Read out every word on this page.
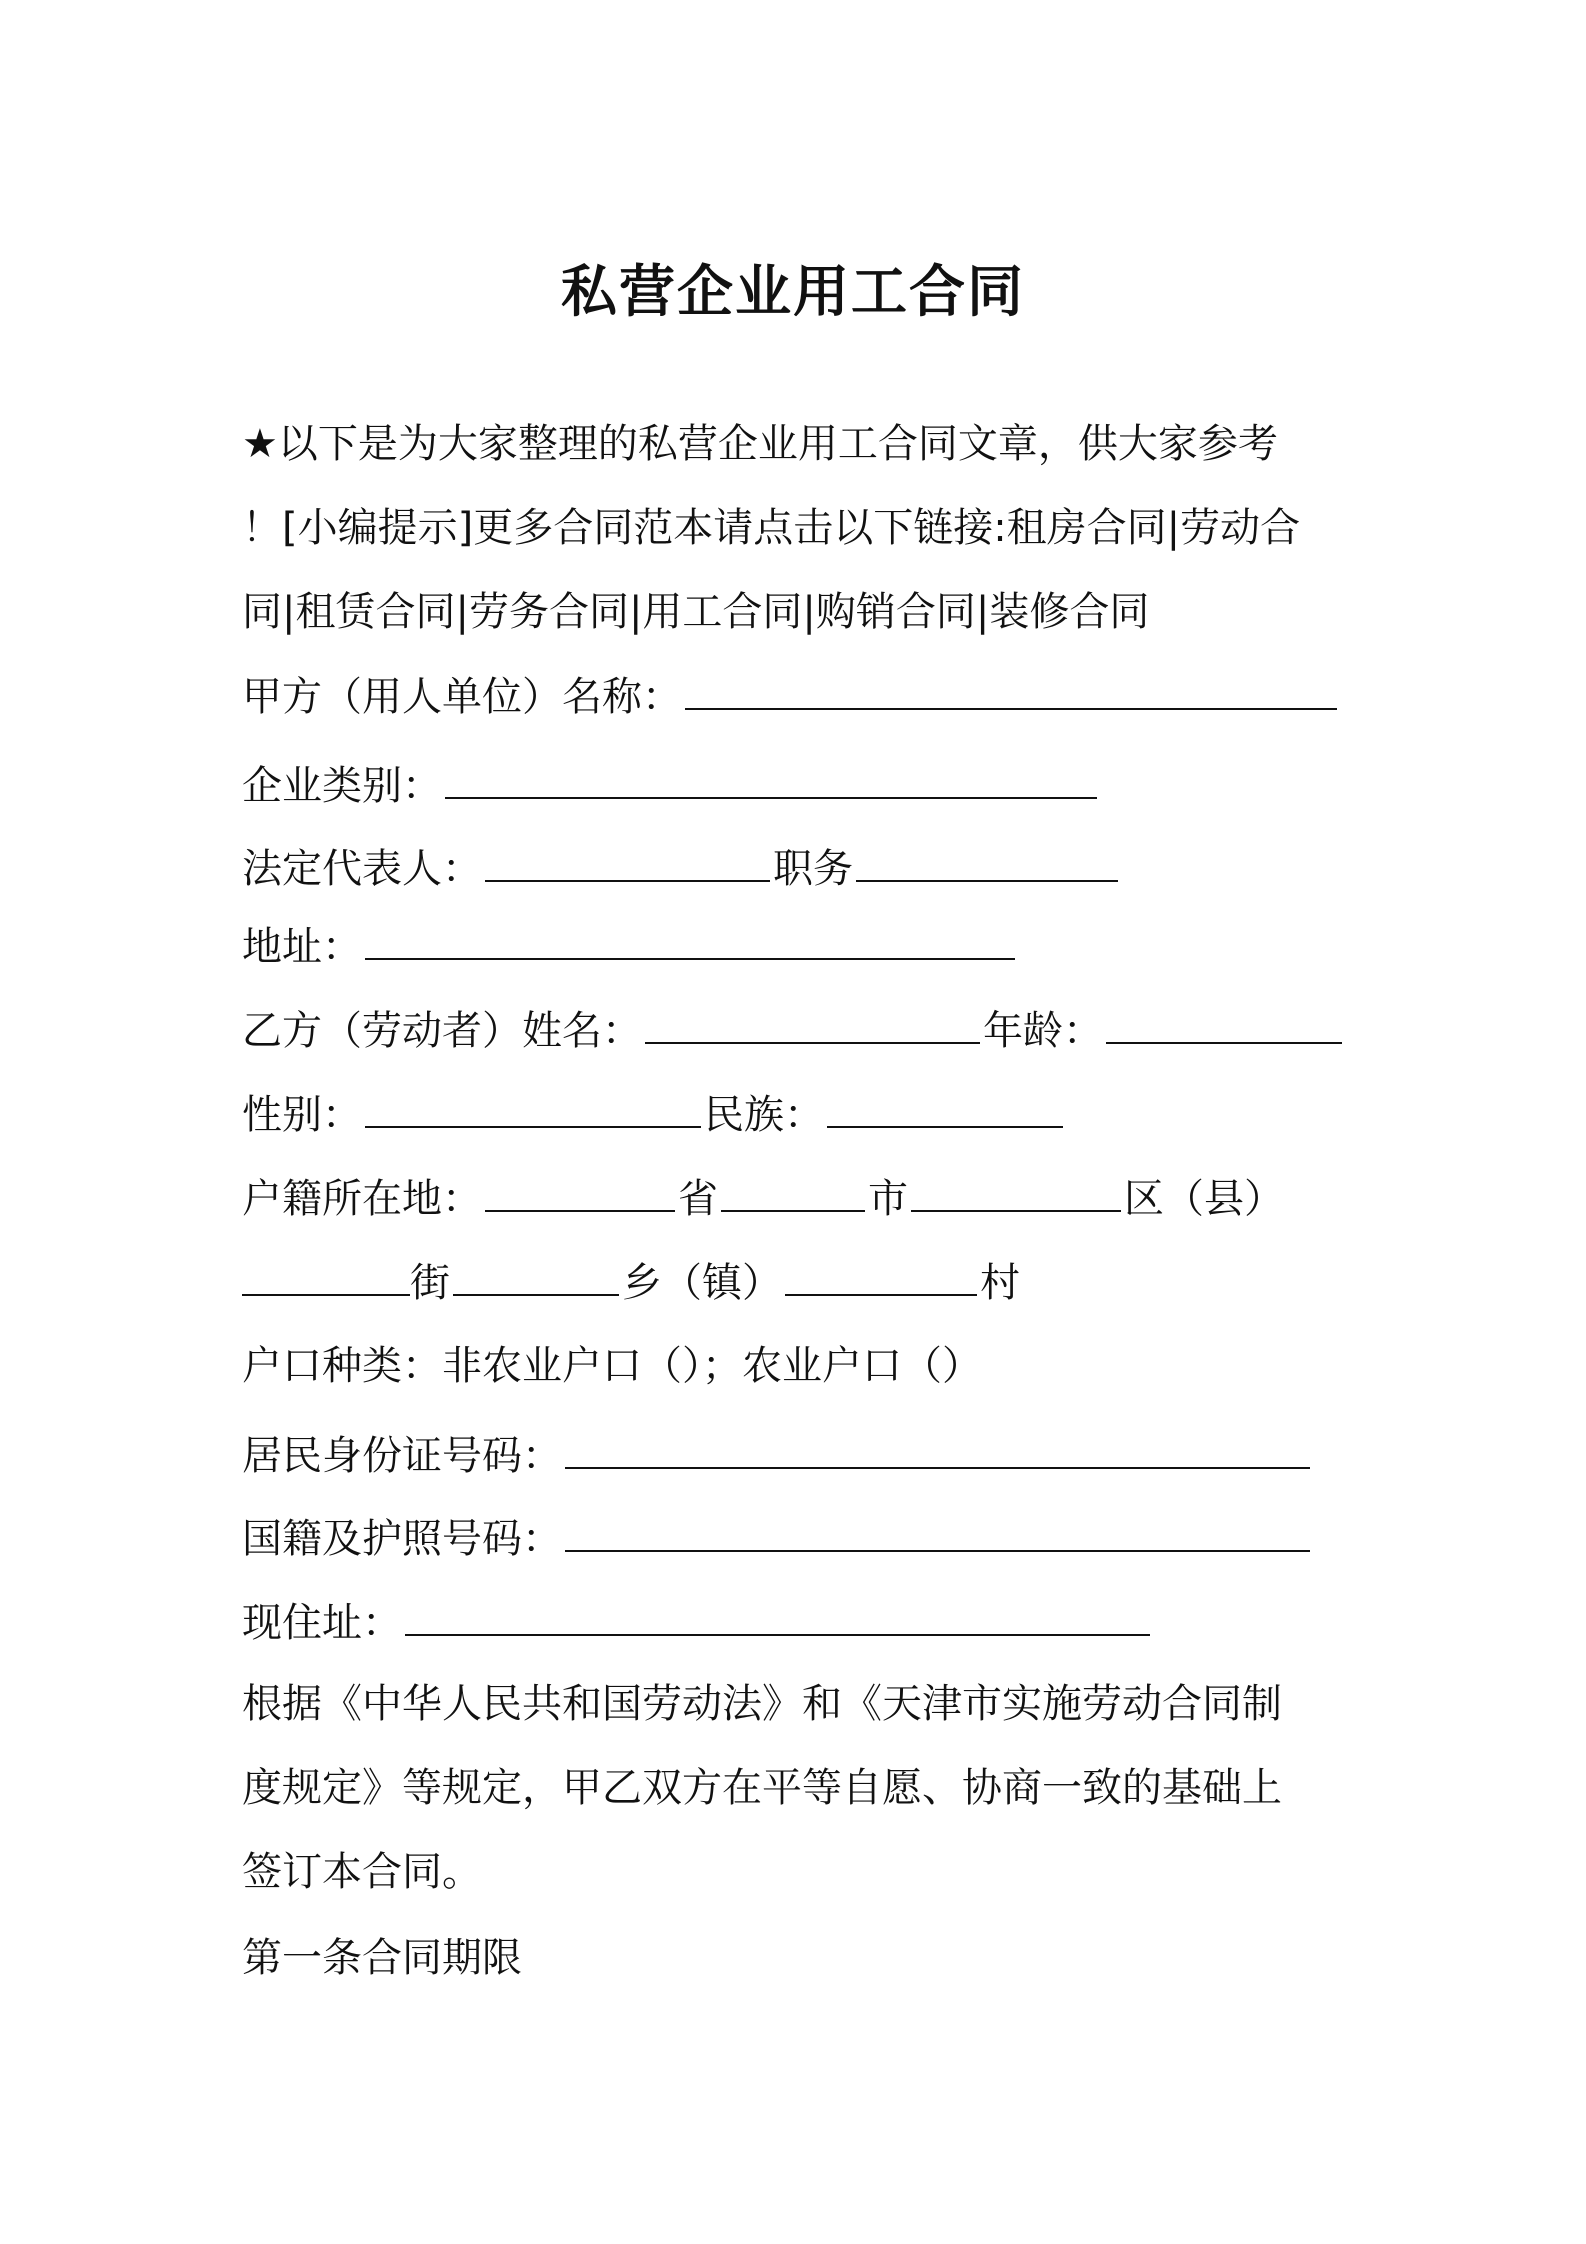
私营企业用工合同
★以下是为大家整理的私营企业用工合同文章，供大家参考
！[小编提示]更多合同范本请点击以下链接:租房合同|劳动合
同|租赁合同|劳务合同|用工合同|购销合同|装修合同
甲方（用人单位）名称：
企业类别：
法定代表人：	职务
地址：
乙方（劳动者）姓名：	年龄：
性别：	民族：
户籍所在地：	省	市	区（县）
街	乡（镇）	村
户口种类：非农业户口（）；农业户口（）
居民身份证号码：
国籍及护照号码：
现住址：
根据《中华人民共和国劳动法》和《天津市实施劳动合同制
度规定》等规定，甲乙双方在平等自愿、协商一致的基础上
签订本合同。
第一条合同期限
